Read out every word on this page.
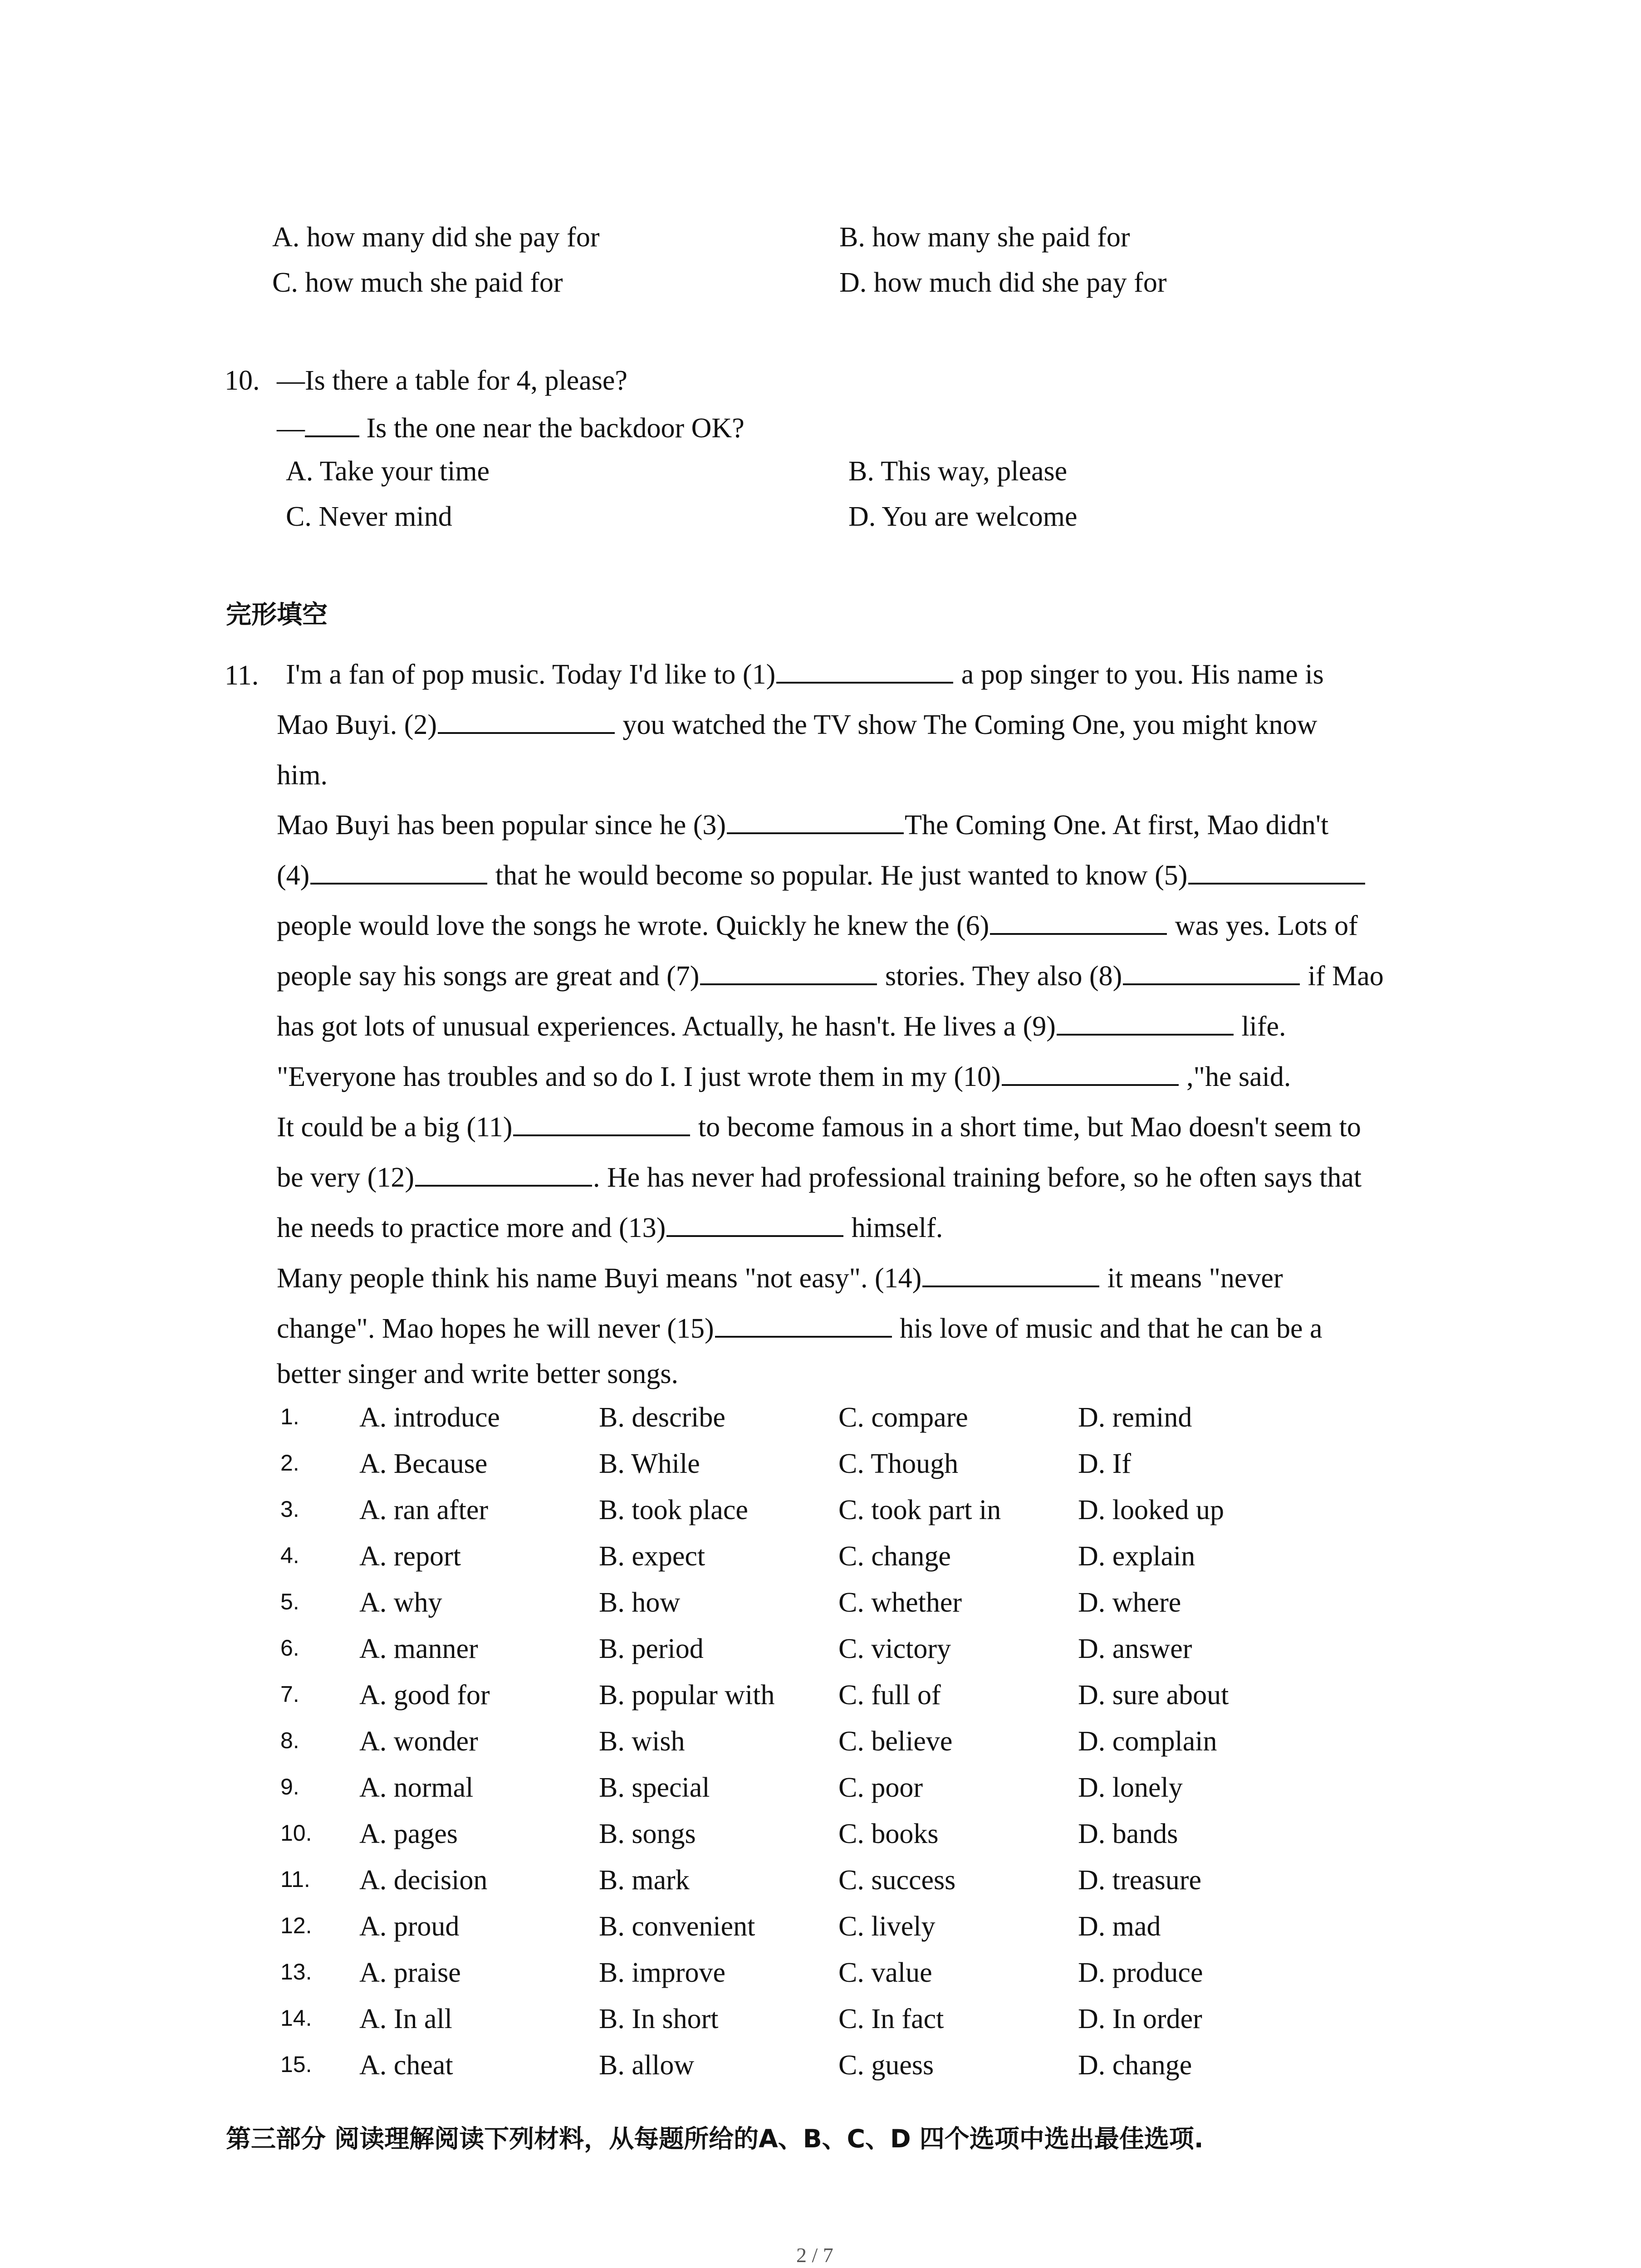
A. how many did she pay for	B. how many she paid for
C. how much she paid for	D. how much did she pay for
10. —Is there a table for 4, please?
— Is the one near the backdoor OK?
A. Take your time	B. This way, please
C. Never mind	D. You are welcome
完形填空
11. I'm a fan of pop music. Today I'd like to (1)	a pop singer to you. His name is
Mao Buyi. (2)	you watched the TV show The Coming One, you might know
him.
Mao Buyi has been popular since he (3)	The Coming One. At first, Mao didn't
(4)	that he would become so popular. He just wanted to know (5)
people would love the songs he wrote. Quickly he knew the (6)	was yes. Lots of
people say his songs are great and (7)	stories. They also (8)	if Mao
has got lots of unusual experiences. Actually, he hasn't. He lives a (9)	life.
"Everyone has troubles and so do I. I just wrote them in my (10)	,"he said.
It could be a big (11)	to become famous in a short time, but Mao doesn't seem to
be very (12)	. He has never had professional training before, so he often says that
he needs to practice more and (13)	himself.
Many people think his name Buyi means "not easy". (14)	it means "never
change". Mao hopes he will never (15)	his love of music and that he can be a
better singer and write better songs.
1. A. introduce	B. describe	C. compare	D. remind
2. A. Because	B. While	C. Though	D. If
3. A. ran after	B. took place	C. took part in	D. looked up
4. A. report	B. expect	C. change	D. explain
5. A. why	B. how	C. whether	D. where
6. A. manner	B. period	C. victory	D. answer
7. A. good for	B. popular with C. full of	D. sure about
8. A. wonder	B. wish	C. believe	D. complain
9. A. normal	B. special	C. poor	D. lonely
10. A. pages	B. songs	C. books	D. bands
11. A. decision	B. mark	C. success	D. treasure
12. A. proud	B. convenient	C. lively	D. mad
13. A. praise	B. improve	C. value	D. produce
14. A. In all	B. In short	C. In fact	D. In order
15. A. cheat	B. allow	C. guess	D. change
第三部分 阅读理解阅读下列材料，从每题所给的A、B、C、D 四个选项中选出最佳选项.
2 / 7
